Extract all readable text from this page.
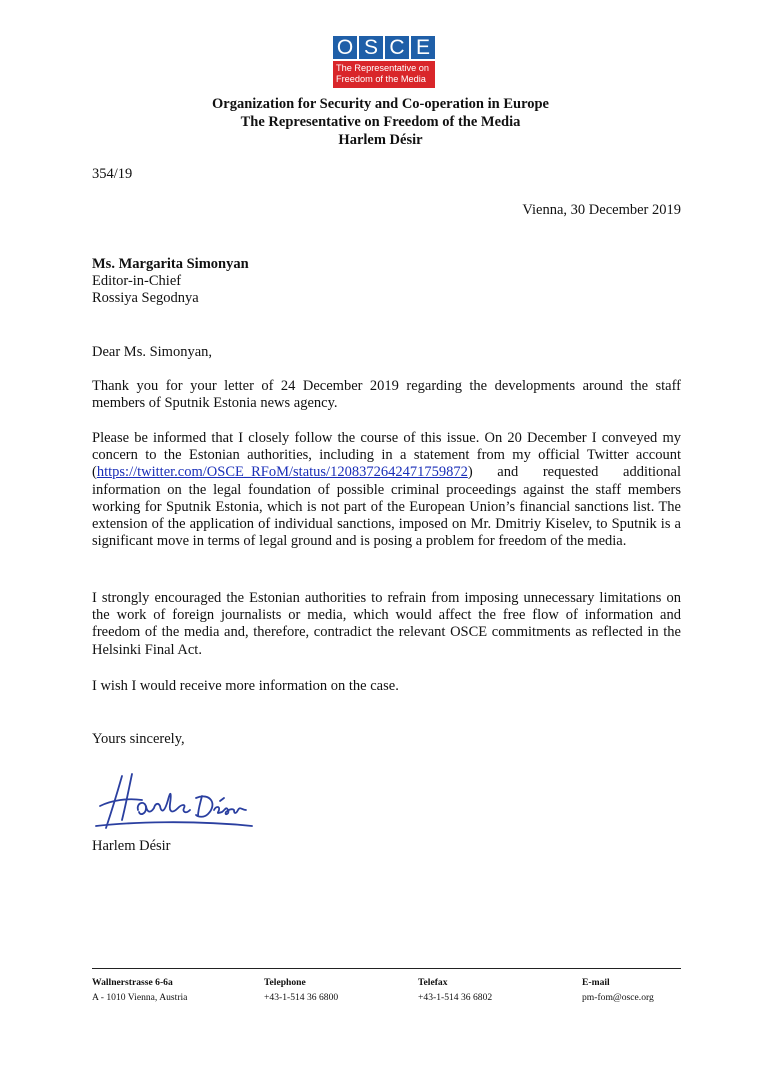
O S C E
The Representative on
Freedom of the Media
Organization for Security and Co-operation in Europe
The Representative on Freedom of the Media
Harlem Désir
354/19
Vienna, 30 December 2019
Ms. Margarita Simonyan
Editor-in-Chief
Rossiya Segodnya
Dear Ms. Simonyan,
Thank you for your letter of 24 December 2019 regarding the developments around the staff members of Sputnik Estonia news agency.
Please be informed that I closely follow the course of this issue. On 20 December I conveyed my concern to the Estonian authorities, including in a statement from my official Twitter account (https://twitter.com/OSCE_RFoM/status/1208372642471759872) and requested additional information on the legal foundation of possible criminal proceedings against the staff members working for Sputnik Estonia, which is not part of the European Union’s financial sanctions list. The extension of the application of individual sanctions, imposed on Mr. Dmitriy Kiselev, to Sputnik is a significant move in terms of legal ground and is posing a problem for freedom of the media.
I strongly encouraged the Estonian authorities to refrain from imposing unnecessary limitations on the work of foreign journalists or media, which would affect the free flow of information and freedom of the media and, therefore, contradict the relevant OSCE commitments as reflected in the Helsinki Final Act.
I wish I would receive more information on the case.
Yours sincerely,
Harlem Désir
Wallnerstrasse 6-6a
A - 1010 Vienna, Austria
Telephone
+43-1-514 36 6800
Telefax
+43-1-514 36 6802
E-mail
pm-fom@osce.org
